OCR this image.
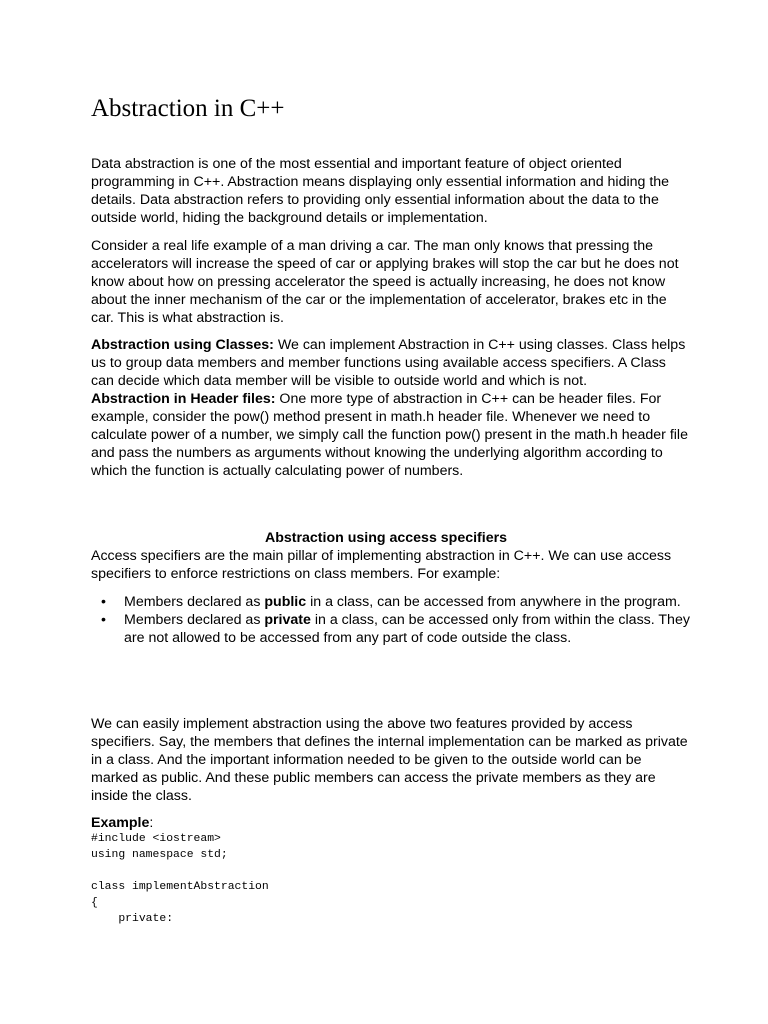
Abstraction in C++

Data abstraction is one of the most essential and important feature of object oriented programming in C++. Abstraction means displaying only essential information and hiding the details. Data abstraction refers to providing only essential information about the data to the outside world, hiding the background details or implementation.

Consider a real life example of a man driving a car. The man only knows that pressing the accelerators will increase the speed of car or applying brakes will stop the car but he does not know about how on pressing accelerator the speed is actually increasing, he does not know about the inner mechanism of the car or the implementation of accelerator, brakes etc in the car. This is what abstraction is.

Abstraction using Classes: We can implement Abstraction in C++ using classes. Class helps us to group data members and member functions using available access specifiers. A Class can decide which data member will be visible to outside world and which is not.

Abstraction in Header files: One more type of abstraction in C++ can be header files. For example, consider the pow() method present in math.h header file. Whenever we need to calculate power of a number, we simply call the function pow() present in the math.h header file and pass the numbers as arguments without knowing the underlying algorithm according to which the function is actually calculating power of numbers.

Abstraction using access specifiers

Access specifiers are the main pillar of implementing abstraction in C++. We can use access specifiers to enforce restrictions on class members. For example:

• Members declared as public in a class, can be accessed from anywhere in the program.
• Members declared as private in a class, can be accessed only from within the class. They are not allowed to be accessed from any part of code outside the class.

We can easily implement abstraction using the above two features provided by access specifiers. Say, the members that defines the internal implementation can be marked as private in a class. And the important information needed to be given to the outside world can be marked as public. And these public members can access the private members as they are inside the class.

Example:
#include <iostream>
using namespace std;

class implementAbstraction
{
private:
